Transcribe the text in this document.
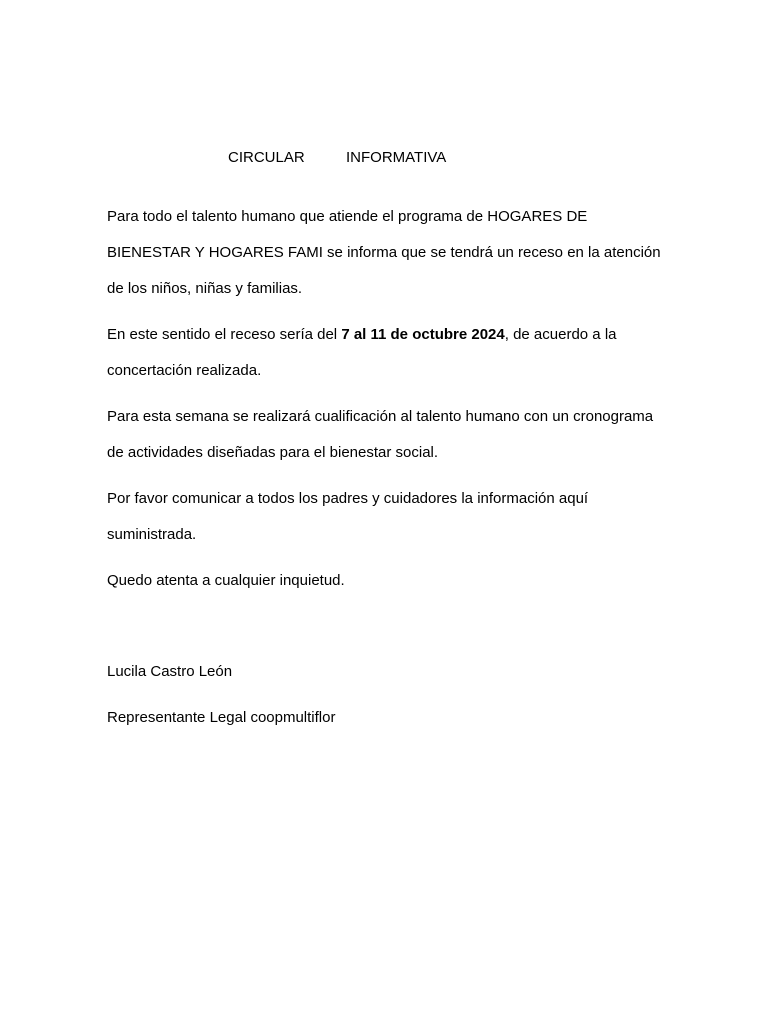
CIRCULAR	INFORMATIVA

Para todo el talento humano que atiende el programa de HOGARES DE BIENESTAR Y HOGARES FAMI se informa que se tendrá un receso en la atención de los niños, niñas y familias.

En este sentido el receso sería del 7 al 11 de octubre 2024, de acuerdo a la concertación realizada.

Para esta semana se realizará cualificación al talento humano con un cronograma de actividades diseñadas para el bienestar social.

Por favor comunicar a todos los padres y cuidadores la información aquí suministrada.

Quedo atenta a cualquier inquietud.

Lucila Castro León

Representante Legal coopmultiflor
